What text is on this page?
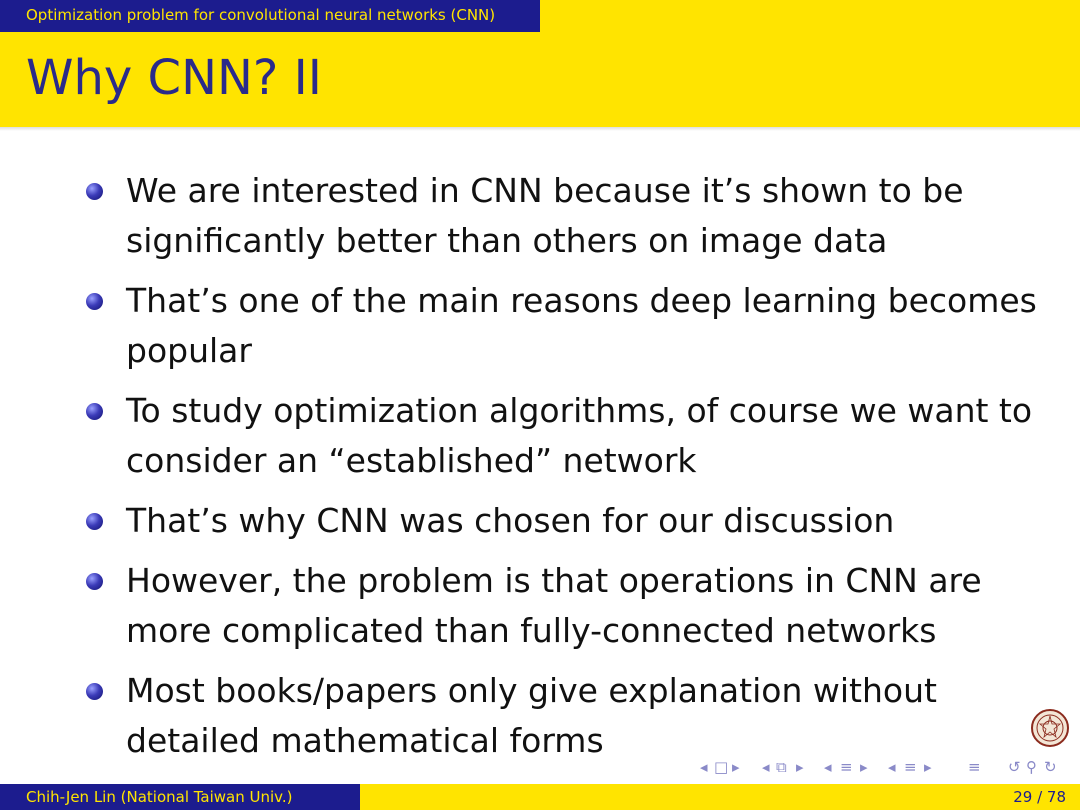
Optimization problem for convolutional neural networks (CNN)
Why CNN? II
We are interested in CNN because it’s shown to be significantly better than others on image data
That’s one of the main reasons deep learning becomes popular
To study optimization algorithms, of course we want to consider an “established” network
That’s why CNN was chosen for our discussion
However, the problem is that operations in CNN are more complicated than fully-connected networks
Most books/papers only give explanation without detailed mathematical forms
◂ □ ▸ ◂ ⧉ ▸ ◂ ≡ ▸ ◂ ≡ ▸ ≡ ↺ ⚲ ↻
Chih-Jen Lin (National Taiwan Univ.)	29 / 78
